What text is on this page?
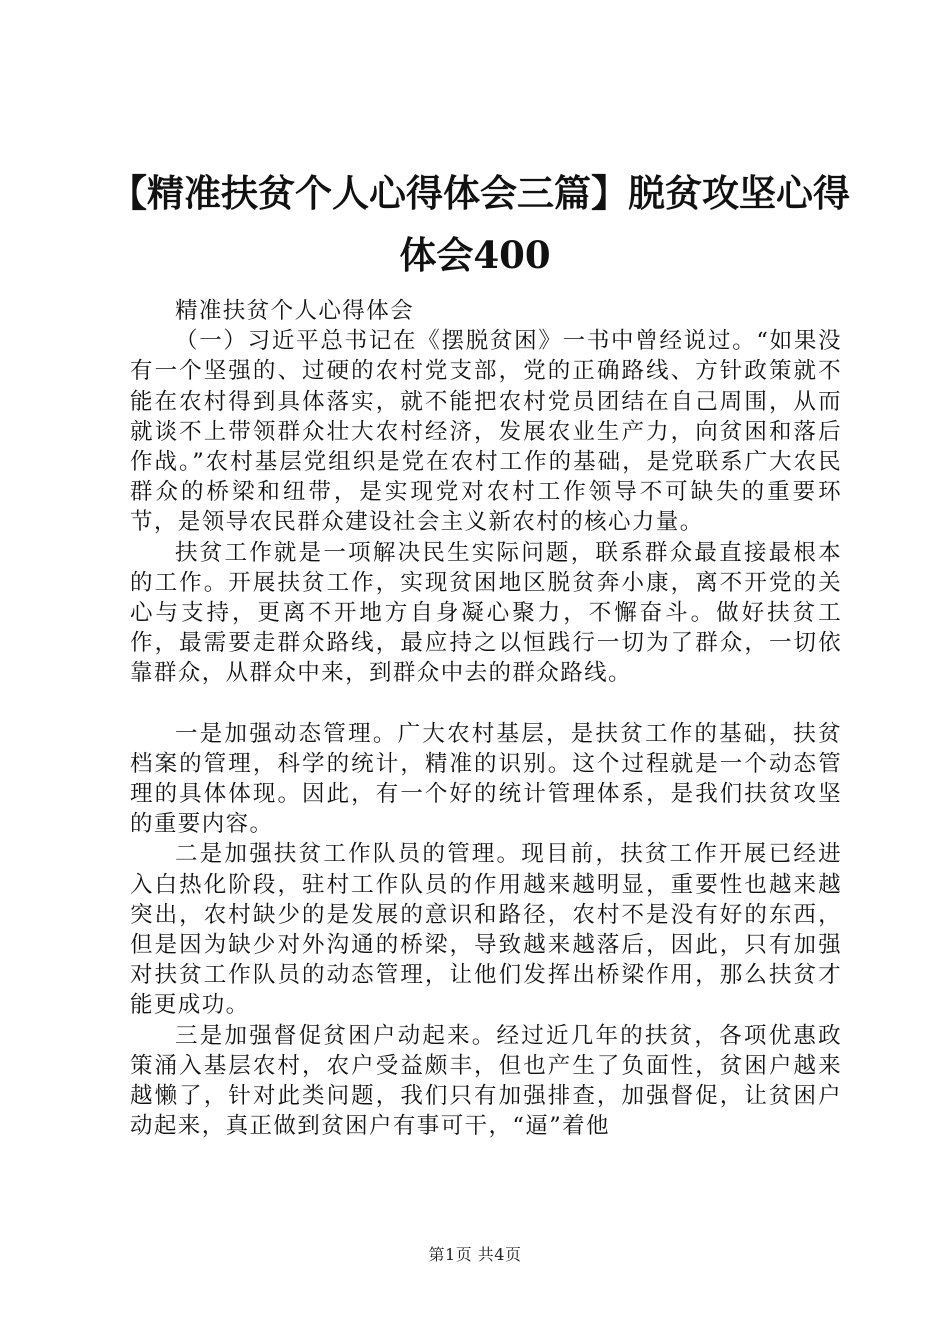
【精准扶贫个人心得体会三篇】脱贫攻坚心得
体会400

精准扶贫个人心得体会

（一）习近平总书记在《摆脱贫困》一书中曾经说过。“如果没有一个坚强的、过硬的农村党支部，党的正确路线、方针政策就不能在农村得到具体落实，就不能把农村党员团结在自己周围，从而就谈不上带领群众壮大农村经济，发展农业生产力，向贫困和落后作战。”农村基层党组织是党在农村工作的基础，是党联系广大农民群众的桥梁和纽带，是实现党对农村工作领导不可缺失的重要环节，是领导农民群众建设社会主义新农村的核心力量。

扶贫工作就是一项解决民生实际问题，联系群众最直接最根本的工作。开展扶贫工作，实现贫困地区脱贫奔小康，离不开党的关心与支持，更离不开地方自身凝心聚力，不懈奋斗。做好扶贫工作，最需要走群众路线，最应持之以恒践行一切为了群众，一切依靠群众，从群众中来，到群众中去的群众路线。

一是加强动态管理。广大农村基层，是扶贫工作的基础，扶贫档案的管理，科学的统计，精准的识别。这个过程就是一个动态管理的具体体现。因此，有一个好的统计管理体系，是我们扶贫攻坚的重要内容。

二是加强扶贫工作队员的管理。现目前，扶贫工作开展已经进入白热化阶段，驻村工作队员的作用越来越明显，重要性也越来越突出，农村缺少的是发展的意识和路径，农村不是没有好的东西，但是因为缺少对外沟通的桥梁，导致越来越落后，因此，只有加强对扶贫工作队员的动态管理，让他们发挥出桥梁作用，那么扶贫才能更成功。

三是加强督促贫困户动起来。经过近几年的扶贫，各项优惠政策涌入基层农村，农户受益颇丰，但也产生了负面性，贫困户越来越懒了，针对此类问题，我们只有加强排查，加强督促，让贫困户动起来，真正做到贫困户有事可干，“逼”着他

第1页 共4页
